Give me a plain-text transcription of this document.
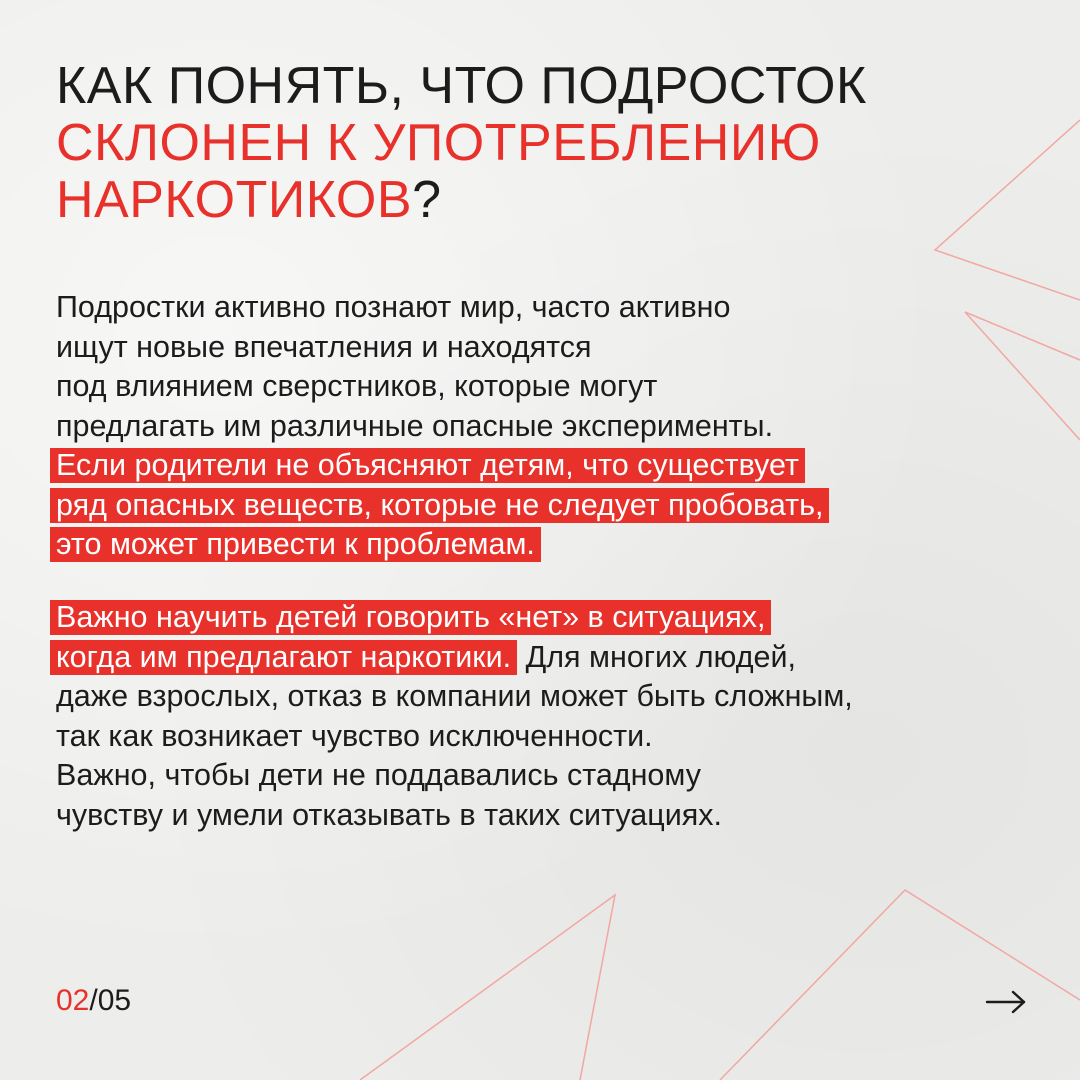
КАК ПОНЯТЬ, ЧТО ПОДРОСТОК
СКЛОНЕН К УПОТРЕБЛЕНИЮ
НАРКОТИКОВ?
Подростки активно познают мир, часто активно
ищут новые впечатления и находятся
под влиянием сверстников, которые могут
предлагать им различные опасные эксперименты.
Если родители не объясняют детям, что существует
ряд опасных веществ, которые не следует пробовать,
это может привести к проблемам.
Важно научить детей говорить «нет» в ситуациях,
когда им предлагают наркотики. Для многих людей,
даже взрослых, отказ в компании может быть сложным,
так как возникает чувство исключенности.
Важно, чтобы дети не поддавались стадному
чувству и умели отказывать в таких ситуациях.
02/05
